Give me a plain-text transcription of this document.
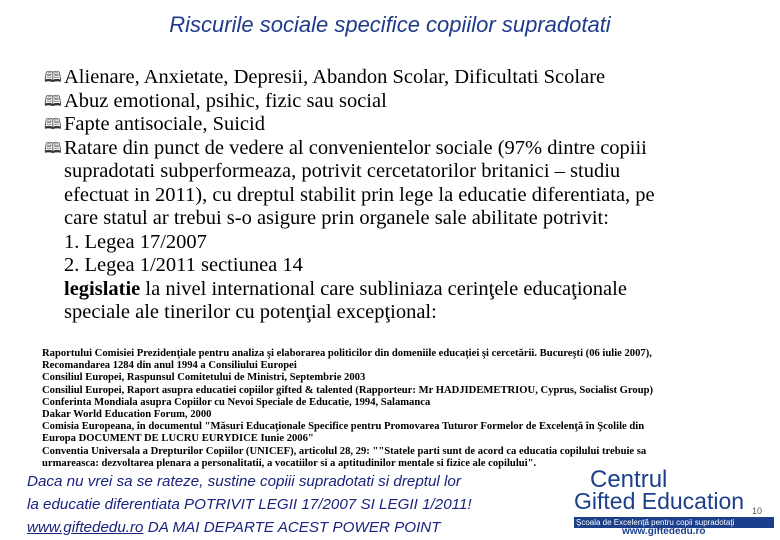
Riscurile sociale specifice copiilor supradotati
🕮 Alienare, Anxietate, Depresii, Abandon Scolar, Dificultati Scolare
🕮 Abuz emotional, psihic, fizic sau social
🕮 Fapte antisociale, Suicid
🕮 Ratare din punct de vedere al convenientelor sociale (97% dintre copiii
supradotati subperformeaza, potrivit cercetatorilor britanici – studiu
efectuat in 2011), cu dreptul stabilit prin lege la educatie diferentiata, pe
care statul ar trebui s-o asigure prin organele sale abilitate potrivit:
1. Legea 17/2007
2. Legea 1/2011 sectiunea 14
legislatie la nivel international care subliniaza cerinţele educaţionale
speciale ale tinerilor cu potenţial excepţional:
Raportului Comisiei Prezidenţiale pentru analiza şi elaborarea politicilor din domeniile educaţiei şi cercetării. Bucureşti (06 iulie 2007),
Recomandarea 1284 din anul 1994 a Consiliului Europei
Consiliul Europei, Raspunsul Comitetului de Ministri, Septembrie 2003
Consiliul Europei, Raport asupra educatiei copiilor gifted & talented (Rapporteur: Mr HADJIDEMETRIOU, Cyprus, Socialist Group)
Conferinta Mondiala asupra Copiilor cu Nevoi Speciale de Educatie, 1994, Salamanca
Dakar World Education Forum, 2000
Comisia Europeana, în documentul "Măsuri Educaţionale Specifice pentru Promovarea Tuturor Formelor de Excelenţă în Şcolile din
Europa DOCUMENT DE LUCRU EURYDICE Iunie 2006"
Conventia Universala a Drepturilor Copiilor (UNICEF), articolul 28, 29: ""Statele parti sunt de acord ca educatia copilului trebuie sa
urmareasca: dezvoltarea plenara a personalitatii, a vocatiilor si a aptitudinilor mentale si fizice ale copilului".
Daca nu vrei sa se rateze, sustine copiii supradotati si dreptul lor
la educatie diferentiata POTRIVIT LEGII 17/2007 SI LEGII 1/2011!
www.giftededu.ro DA MAI DEPARTE ACEST POWER POINT
Centrul
Gifted Education 10
Şcoala de Excelenţă pentru copii supradotaţi
www.giftededu.ro
